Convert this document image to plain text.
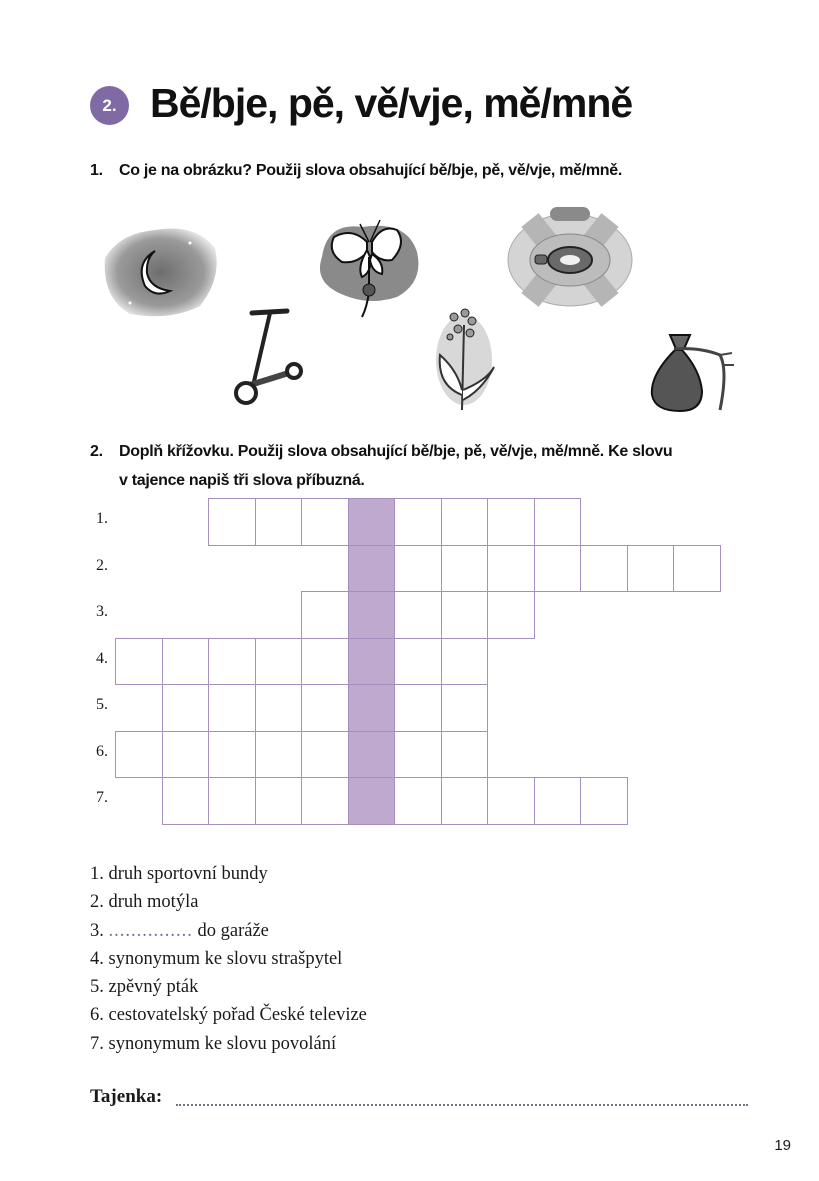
2. Bě/bje, pě, vě/vje, mě/mně
1. Co je na obrázku? Použij slova obsahující bě/bje, pě, vě/vje, mě/mně.
2. Doplň křížovku. Použij slova obsahující bě/bje, pě, vě/vje, mě/mně. Ke slovu
v tajence napiš tři slova příbuzná.
1.
2.
3.
4.
5.
6.
7.
1. druh sportovní bundy
2. druh motýla
3. ............... do garáže
4. synonymum ke slovu strašpytel
5. zpěvný pták
6. cestovatelský pořad České televize
7. synonymum ke slovu povolání
Tajenka:
19
